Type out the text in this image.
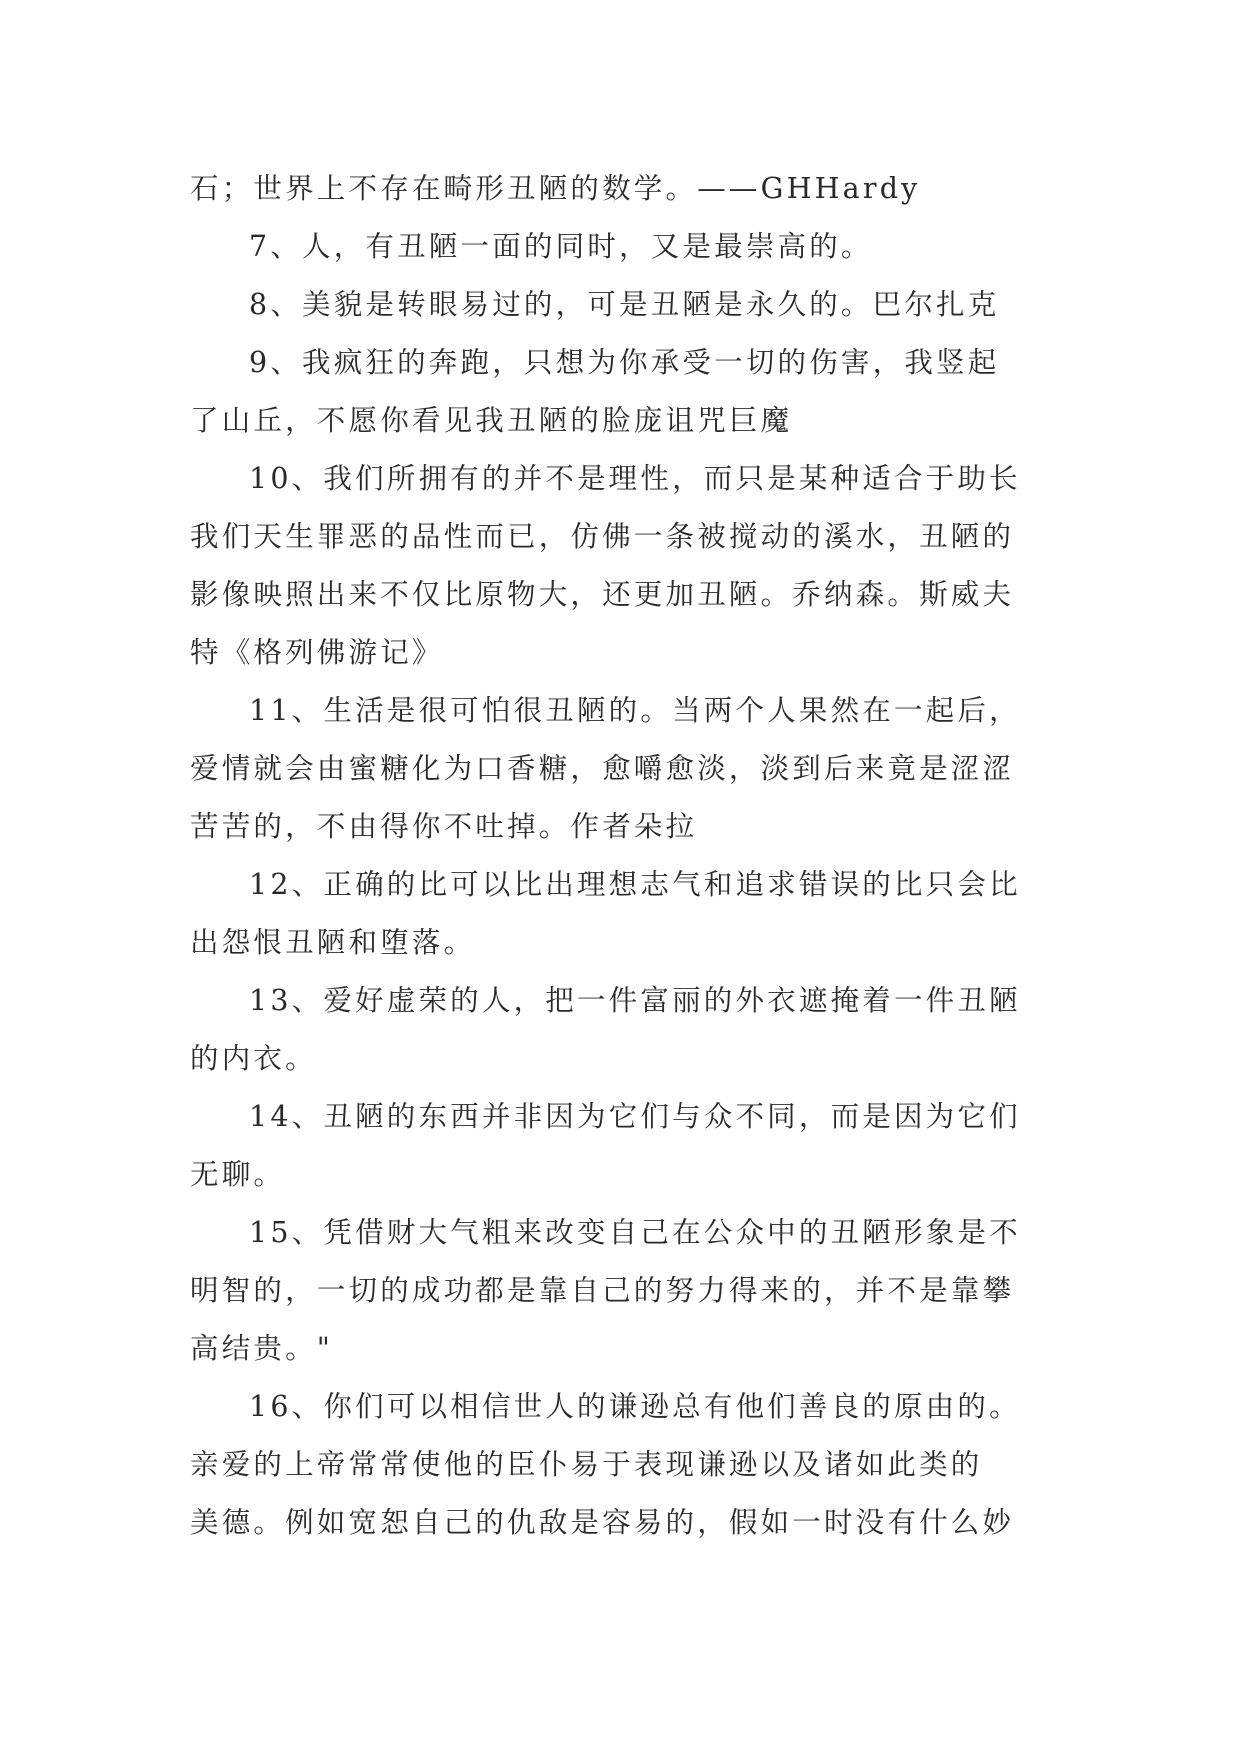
石；世界上不存在畸形丑陋的数学。——GHHardy

7、人，有丑陋一面的同时，又是最崇高的。

8、美貌是转眼易过的，可是丑陋是永久的。巴尔扎克

9、我疯狂的奔跑，只想为你承受一切的伤害，我竖起

了山丘，不愿你看见我丑陋的脸庞诅咒巨魔

10、我们所拥有的并不是理性，而只是某种适合于助长

我们天生罪恶的品性而已，仿佛一条被搅动的溪水，丑陋的

影像映照出来不仅比原物大，还更加丑陋。乔纳森。斯威夫

特《格列佛游记》

11、生活是很可怕很丑陋的。当两个人果然在一起后，

爱情就会由蜜糖化为口香糖，愈嚼愈淡，淡到后来竟是涩涩

苦苦的，不由得你不吐掉。作者朵拉

12、正确的比可以比出理想志气和追求错误的比只会比

出怨恨丑陋和堕落。

13、爱好虚荣的人，把一件富丽的外衣遮掩着一件丑陋

的内衣。

14、丑陋的东西并非因为它们与众不同，而是因为它们

无聊。

15、凭借财大气粗来改变自己在公众中的丑陋形象是不

明智的，一切的成功都是靠自己的努力得来的，并不是靠攀

高结贵。"

16、你们可以相信世人的谦逊总有他们善良的原由的。

亲爱的上帝常常使他的臣仆易于表现谦逊以及诸如此类的

美德。例如宽恕自己的仇敌是容易的，假如一时没有什么妙
